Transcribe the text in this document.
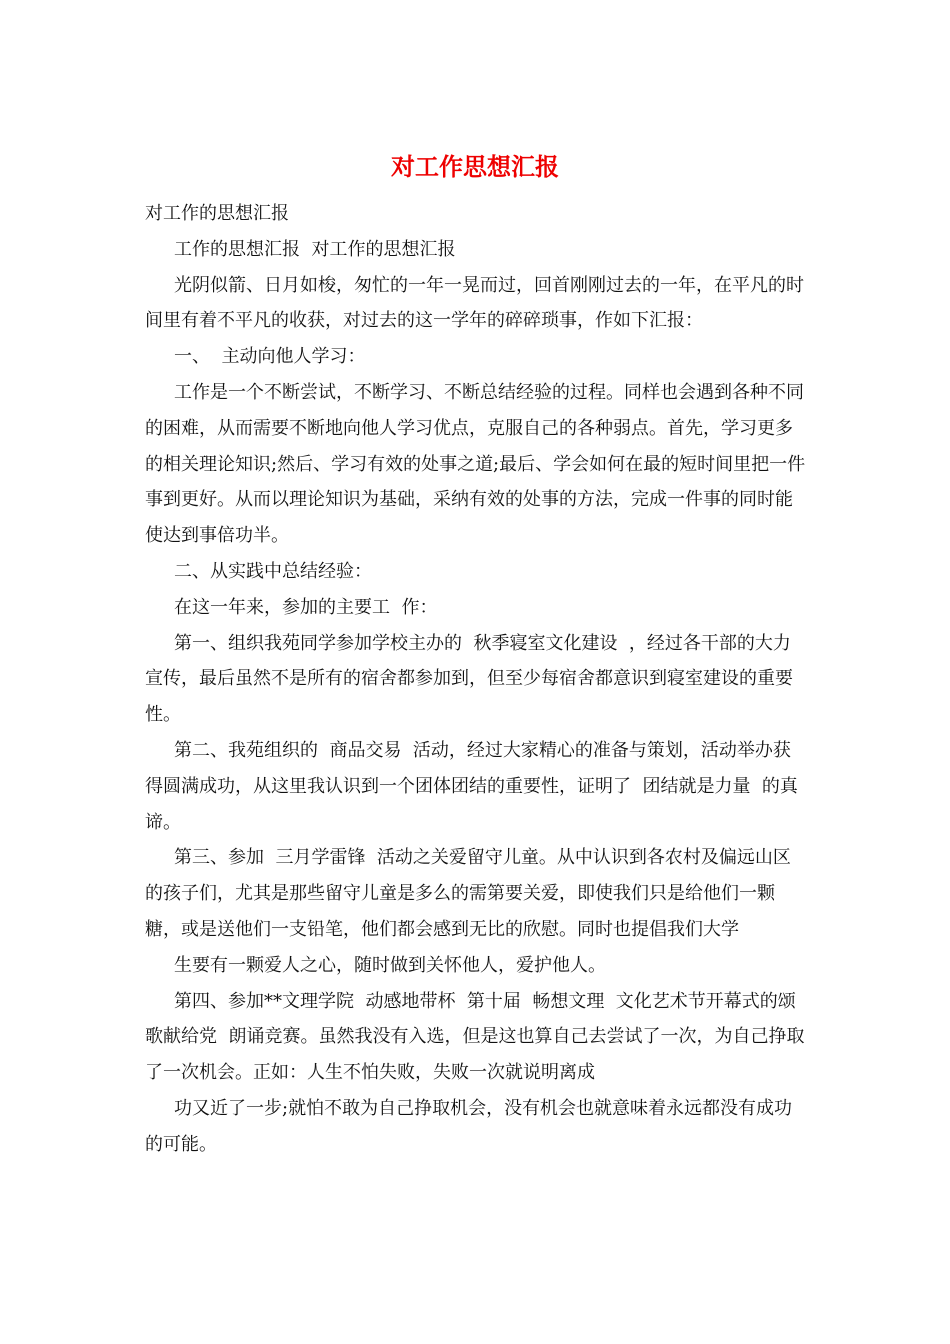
对工作思想汇报

对工作的思想汇报

工作的思想汇报  对工作的思想汇报

光阴似箭、日月如梭，匆忙的一年一晃而过，回首刚刚过去的一年，在平凡的时间里有着不平凡的收获，对过去的这一学年的碎碎琐事，作如下汇报：

一、  主动向他人学习：

工作是一个不断尝试，不断学习、不断总结经验的过程。同样也会遇到各种不同的困难，从而需要不断地向他人学习优点，克服自己的各种弱点。首先，学习更多  的相关理论知识;然后、学习有效的处事之道;最后、学会如何在最的短时间里把一件事到更好。从而以理论知识为基础，采纳有效的处事的方法，完成一件事的同时能使达到事倍功半。

二、从实践中总结经验：

在这一年来，参加的主要工  作：

第一、组织我苑同学参加学校主办的  秋季寝室文化建设  ，经过各干部的大力宣传，最后虽然不是所有的宿舍都参加到，但至少每宿舍都意识到寝室建设的重要性。

第二、我苑组织的  商品交易  活动，经过大家精心的准备与策划，活动举办获得圆满成功，从这里我认识到一个团体团结的重要性，证明了  团结就是力量  的真谛。

第三、参加  三月学雷锋  活动之关爱留守儿童。从中认识到各农村及偏远山区的孩子们，尤其是那些留守儿童是多么的需第要关爱，即使我们只是给他们一颗糖，或是送他们一支铅笔，他们都会感到无比的欣慰。同时也提倡我们大学

生要有一颗爱人之心，随时做到关怀他人，爱护他人。

第四、参加**文理学院  动感地带杯  第十届  畅想文理  文化艺术节开幕式的颂歌献给党  朗诵竞赛。虽然我没有入选，但是这也算自己去尝试了一次，为自己挣取了一次机会。正如：人生不怕失败，失败一次就说明离成

功又近了一步;就怕不敢为自己挣取机会，没有机会也就意味着永远都没有成功的可能。
